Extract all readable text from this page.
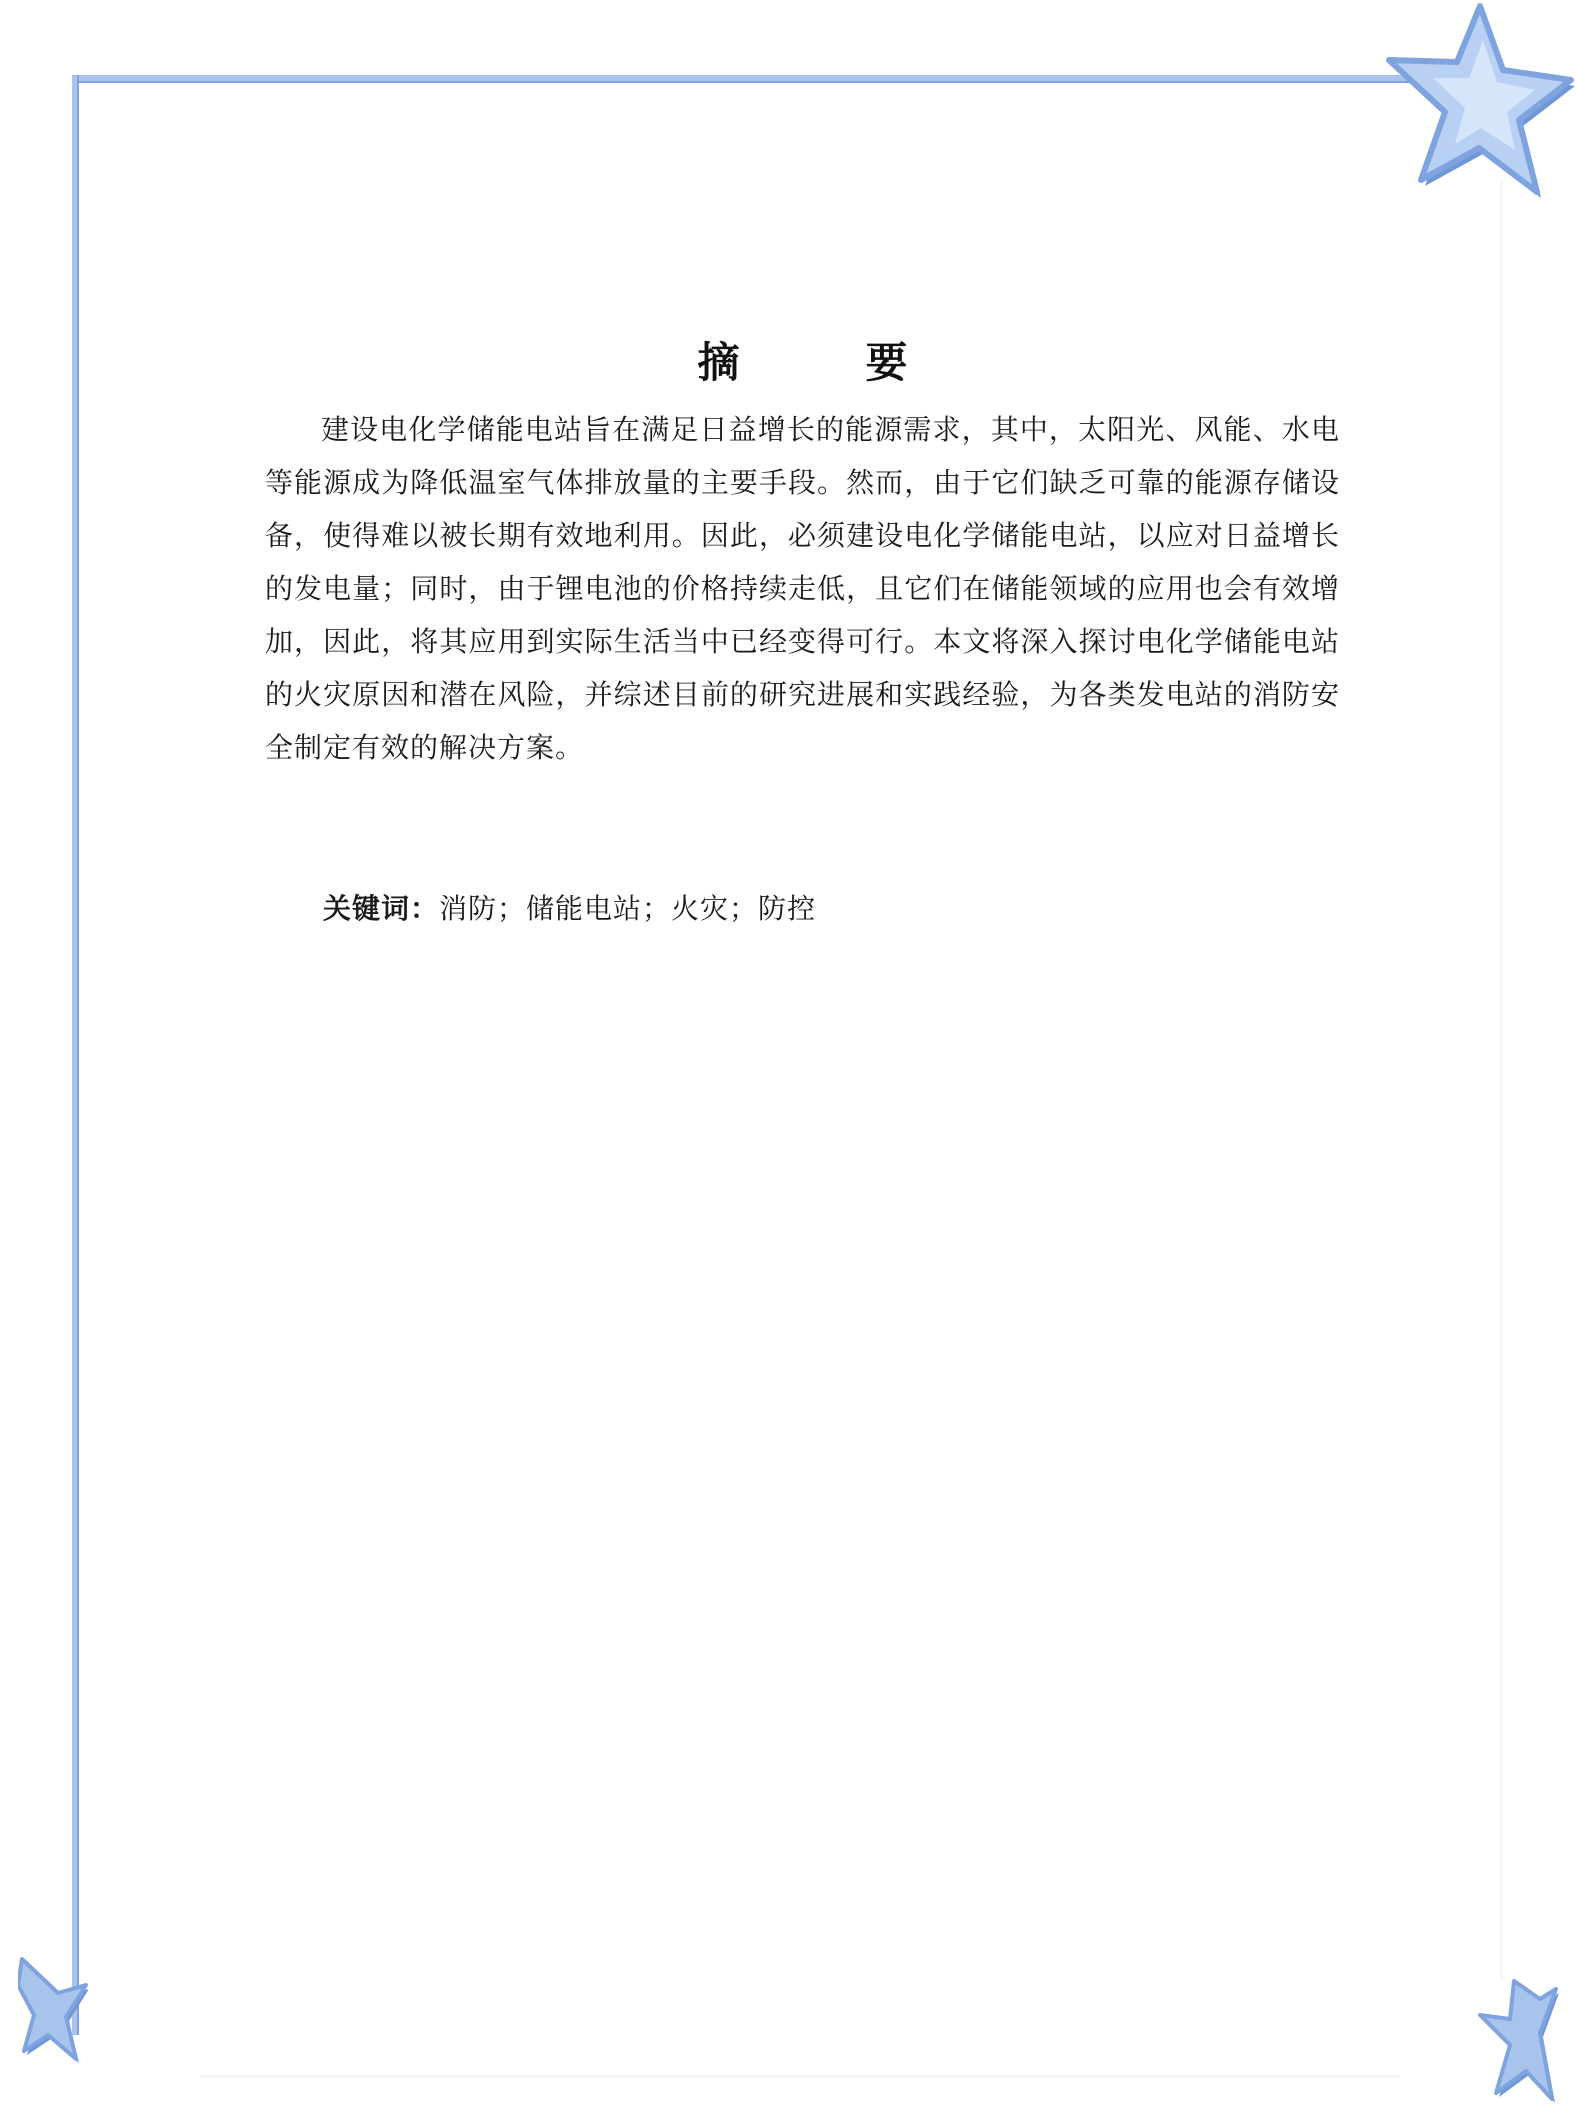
摘　要

建设电化学储能电站旨在满足日益增长的能源需求，其中，太阳光、风能、水电等能源成为降低温室气体排放量的主要手段。然而，由于它们缺乏可靠的能源存储设备，使得难以被长期有效地利用。因此，必须建设电化学储能电站，以应对日益增长的发电量；同时，由于锂电池的价格持续走低，且它们在储能领域的应用也会有效增加，因此，将其应用到实际生活当中已经变得可行。本文将深入探讨电化学储能电站的火灾原因和潜在风险，并综述目前的研究进展和实践经验，为各类发电站的消防安全制定有效的解决方案。

关键词：消防；储能电站；火灾；防控
